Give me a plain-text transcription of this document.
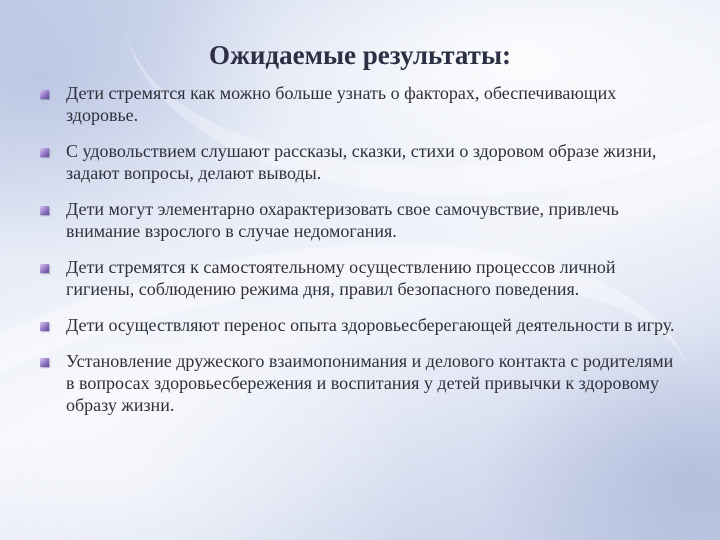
Ожидаемые результаты:
Дети стремятся как можно больше узнать о факторах, обеспечивающих здоровье.
С удовольствием слушают рассказы, сказки, стихи о здоровом образе жизни, задают вопросы, делают выводы.
Дети могут элементарно охарактеризовать свое самочувствие, привлечь внимание взрослого в случае недомогания.
Дети стремятся к самостоятельному осуществлению процессов личной гигиены, соблюдению режима дня, правил безопасного поведения.
Дети осуществляют перенос опыта здоровьесберегающей деятельности в игру.
Установление дружеского взаимопонимания и делового контакта с родителями в вопросах здоровьесбережения и воспитания у детей привычки к здоровому образу жизни.
